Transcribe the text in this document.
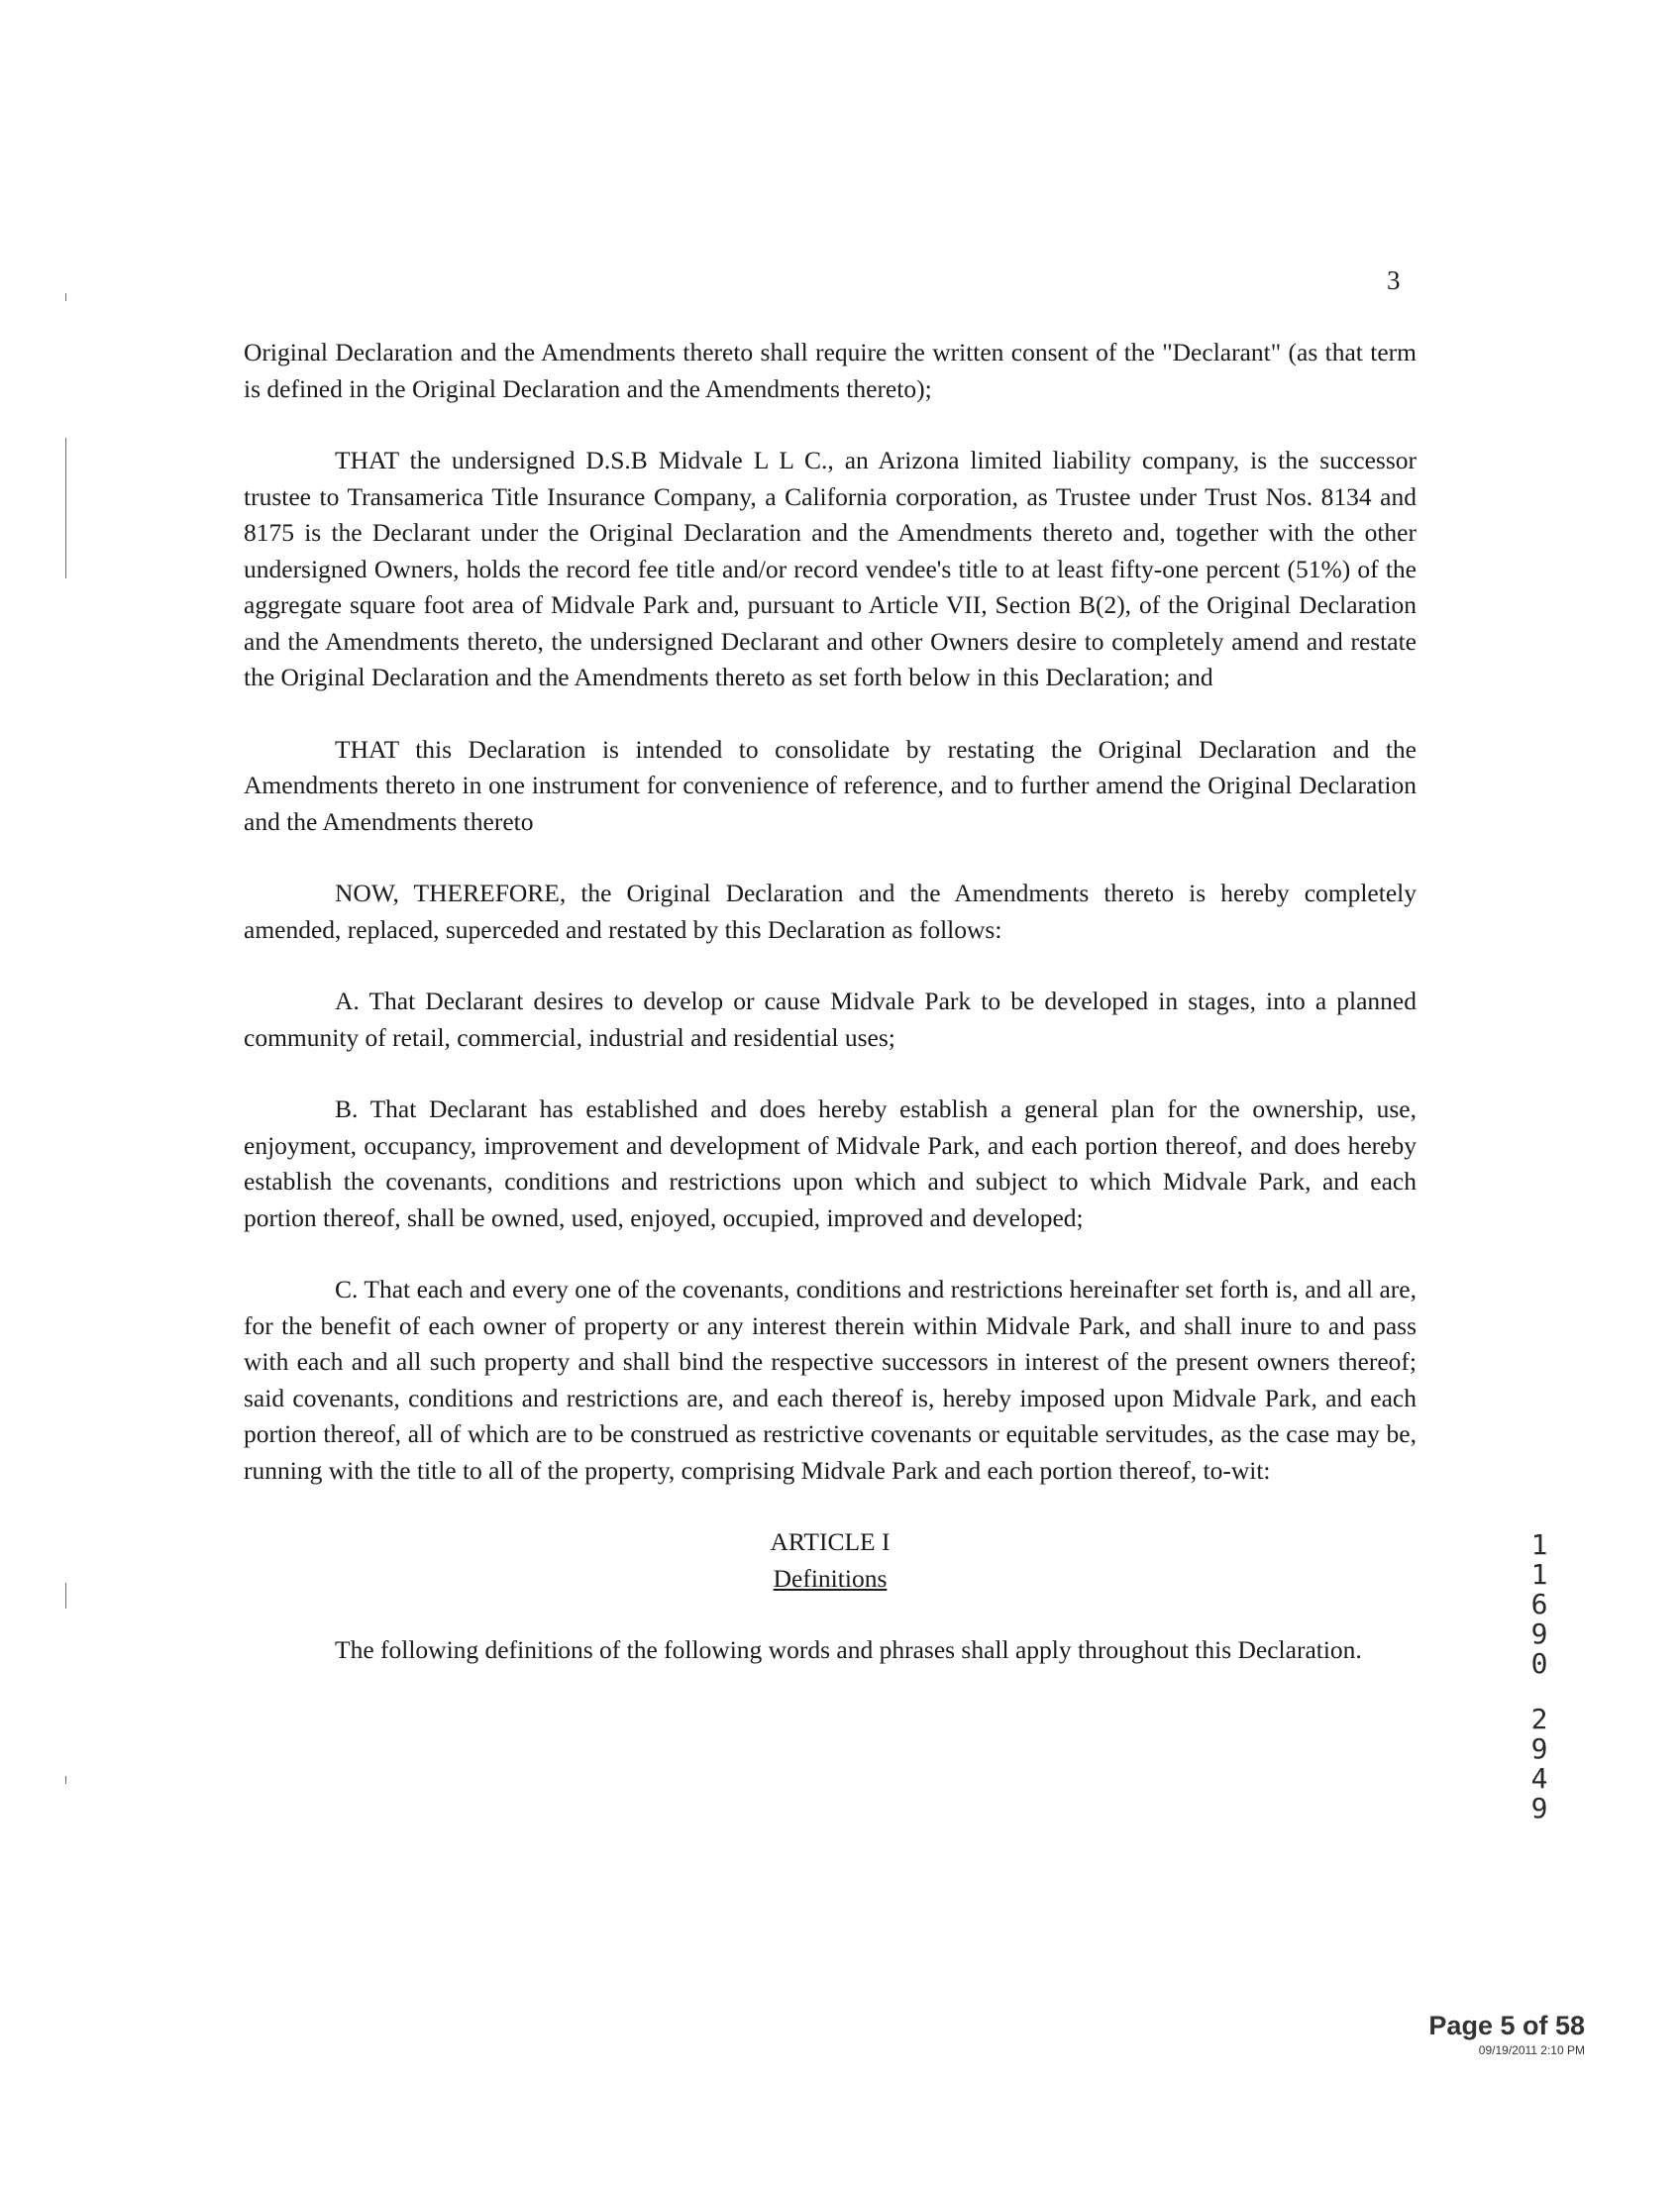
3

Original Declaration and the Amendments thereto shall require the written consent of the "Declarant" (as that term is defined in the Original Declaration and the Amendments thereto);

THAT the undersigned D.S.B Midvale L L C., an Arizona limited liability company, is the successor trustee to Transamerica Title Insurance Company, a California corporation, as Trustee under Trust Nos. 8134 and 8175 is the Declarant under the Original Declaration and the Amendments thereto and, together with the other undersigned Owners, holds the record fee title and/or record vendee's title to at least fifty-one percent (51%) of the aggregate square foot area of Midvale Park and, pursuant to Article VII, Section B(2), of the Original Declaration and the Amendments thereto, the undersigned Declarant and other Owners desire to completely amend and restate the Original Declaration and the Amendments thereto as set forth below in this Declaration; and

THAT this Declaration is intended to consolidate by restating the Original Declaration and the Amendments thereto in one instrument for convenience of reference, and to further amend the Original Declaration and the Amendments thereto

NOW, THEREFORE, the Original Declaration and the Amendments thereto is hereby completely amended, replaced, superceded and restated by this Declaration as follows:

A. That Declarant desires to develop or cause Midvale Park to be developed in stages, into a planned community of retail, commercial, industrial and residential uses;

B. That Declarant has established and does hereby establish a general plan for the ownership, use, enjoyment, occupancy, improvement and development of Midvale Park, and each portion thereof, and does hereby establish the covenants, conditions and restrictions upon which and subject to which Midvale Park, and each portion thereof, shall be owned, used, enjoyed, occupied, improved and developed;

C. That each and every one of the covenants, conditions and restrictions hereinafter set forth is, and all are, for the benefit of each owner of property or any interest therein within Midvale Park, and shall inure to and pass with each and all such property and shall bind the respective successors in interest of the present owners thereof; said covenants, conditions and restrictions are, and each thereof is, hereby imposed upon Midvale Park, and each portion thereof, all of which are to be construed as restrictive covenants or equitable servitudes, as the case may be, running with the title to all of the property, comprising Midvale Park and each portion thereof, to-wit:

ARTICLE I
Definitions

The following definitions of the following words and phrases shall apply throughout this Declaration.

1
1
6
9
0
2
9
4
9
Page 5 of 58
09/19/2011 2:10 PM
